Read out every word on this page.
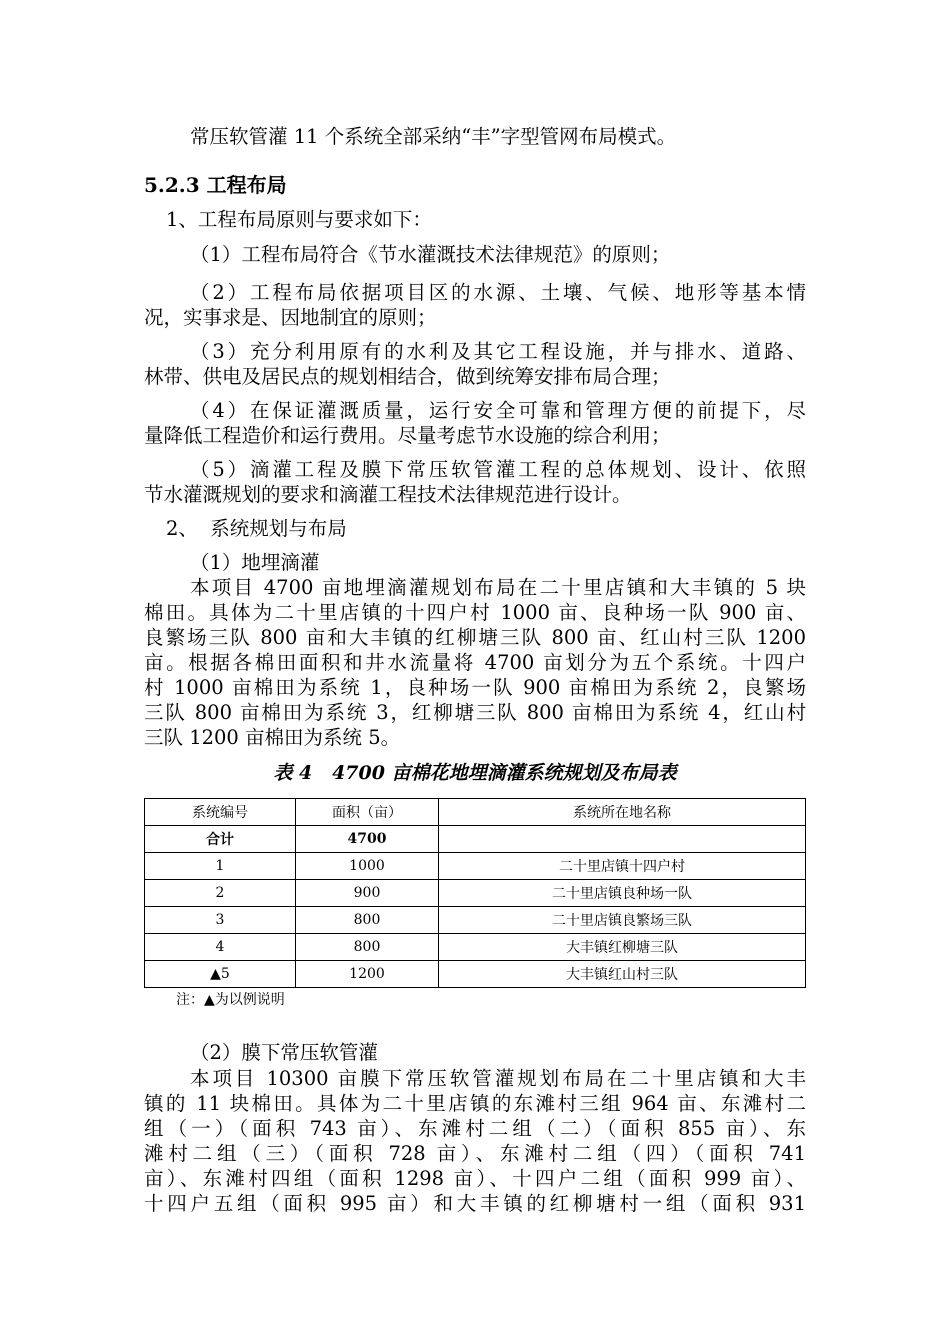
常压软管灌 11 个系统全部采纳“丰”字型管网布局模式。
5.2.3 工程布局
1、工程布局原则与要求如下：
（1）工程布局符合《节水灌溉技术法律规范》的原则；
（2）工程布局依据项目区的水源、土壤、气候、地形等基本情
况，实事求是、因地制宜的原则；
（3）充分利用原有的水利及其它工程设施，并与排水、道路、
林带、供电及居民点的规划相结合，做到统筹安排布局合理；
（4）在保证灌溉质量，运行安全可靠和管理方便的前提下，尽
量降低工程造价和运行费用。尽量考虑节水设施的综合利用；
（5）滴灌工程及膜下常压软管灌工程的总体规划、设计、依照
节水灌溉规划的要求和滴灌工程技术法律规范进行设计。
2、  系统规划与布局
（1）地埋滴灌
本项目 4700 亩地埋滴灌规划布局在二十里店镇和大丰镇的 5 块
棉田。具体为二十里店镇的十四户村 1000 亩、良种场一队 900 亩、
良繁场三队 800 亩和大丰镇的红柳塘三队 800 亩、红山村三队 1200
亩。根据各棉田面积和井水流量将 4700 亩划分为五个系统。十四户
村 1000 亩棉田为系统 1，良种场一队 900 亩棉田为系统 2，良繁场
三队 800 亩棉田为系统 3，红柳塘三队 800 亩棉田为系统 4，红山村
三队 1200 亩棉田为系统 5。
表 4   4700 亩棉花地埋滴灌系统规划及布局表
系统编号	面积（亩）	系统所在地名称
合计	4700	
1	1000	二十里店镇十四户村
2	900	二十里店镇良种场一队
3	800	二十里店镇良繁场三队
4	800	大丰镇红柳塘三队
▲5	1200	大丰镇红山村三队
注：▲为以例说明
（2）膜下常压软管灌
本项目 10300 亩膜下常压软管灌规划布局在二十里店镇和大丰
镇的 11 块棉田。具体为二十里店镇的东滩村三组 964 亩、东滩村二
组（一）（面积 743 亩）、东滩村二组（二）（面积 855 亩）、东
滩村二组（三）（面积 728 亩）、东滩村二组（四）（面积 741
亩）、东滩村四组（面积 1298 亩）、十四户二组（面积 999 亩）、
十四户五组（面积 995 亩）和大丰镇的红柳塘村一组（面积 931
